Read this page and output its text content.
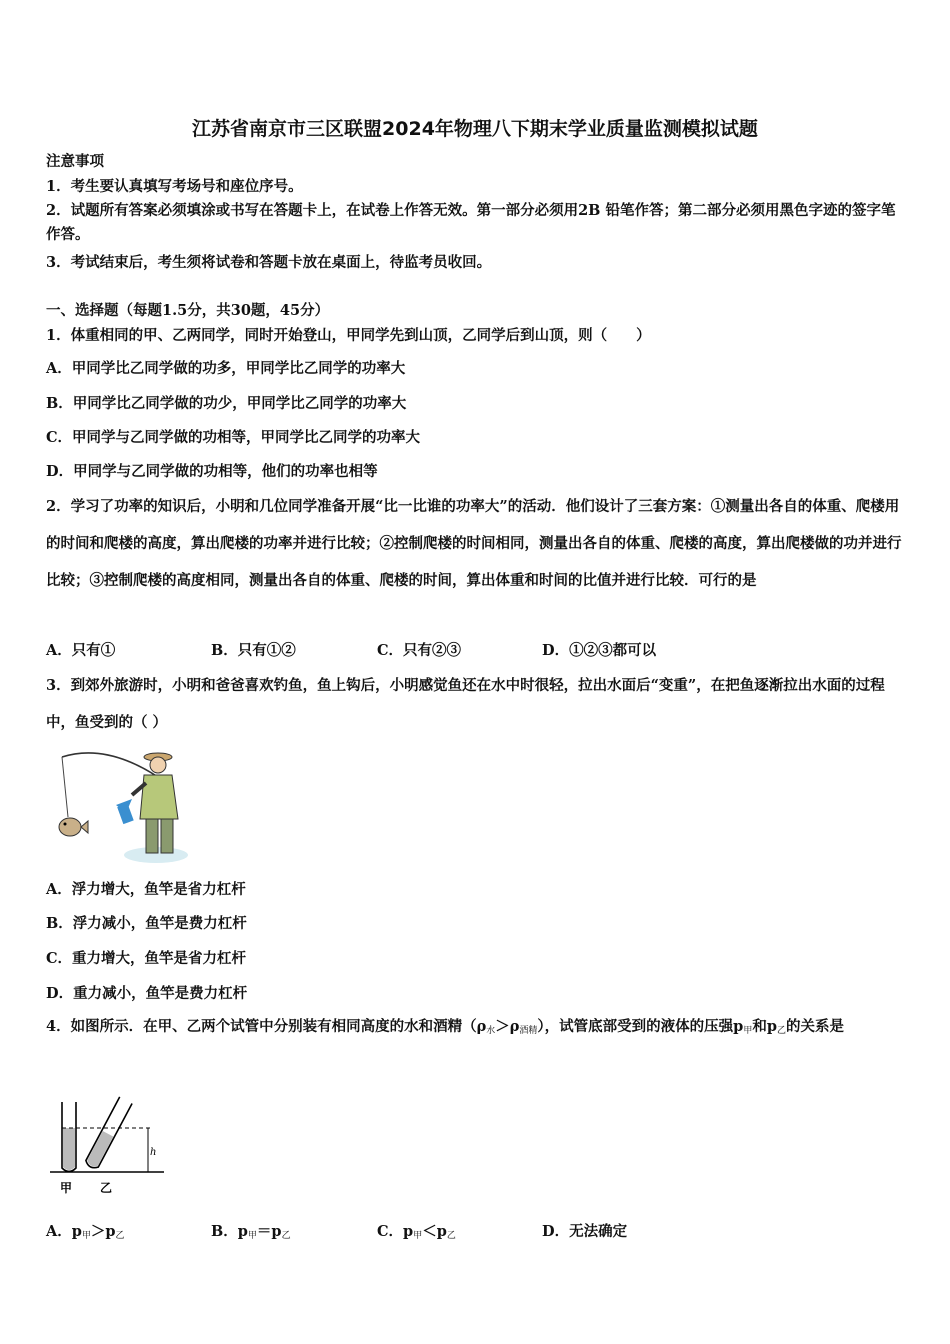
江苏省南京市三区联盟2024年物理八下期末学业质量监测模拟试题
注意事项
1．考生要认真填写考场号和座位序号。
2．试题所有答案必须填涂或书写在答题卡上，在试卷上作答无效。第一部分必须用2B 铅笔作答；第二部分必须用黑色字迹的签字笔作答。
3．考试结束后，考生须将试卷和答题卡放在桌面上，待监考员收回。
一、选择题（每题1.5分，共30题，45分）
1．体重相同的甲、乙两同学，同时开始登山，甲同学先到山顶，乙同学后到山顶，则（　　）
A．甲同学比乙同学做的功多，甲同学比乙同学的功率大
B．甲同学比乙同学做的功少，甲同学比乙同学的功率大
C．甲同学与乙同学做的功相等，甲同学比乙同学的功率大
D．甲同学与乙同学做的功相等，他们的功率也相等
2．学习了功率的知识后，小明和几位同学准备开展“比一比谁的功率大”的活动．他们设计了三套方案：①测量出各自的体重、爬楼用的时间和爬楼的高度，算出爬楼的功率并进行比较；②控制爬楼的时间相同，测量出各自的体重、爬楼的高度，算出爬楼做的功并进行比较；③控制爬楼的高度相同，测量出各自的体重、爬楼的时间，算出体重和时间的比值并进行比较．可行的是
A．只有①	B．只有①②	C．只有②③	D．①②③都可以
3．到郊外旅游时，小明和爸爸喜欢钓鱼，鱼上钩后，小明感觉鱼还在水中时很轻，拉出水面后“变重”，在把鱼逐渐拉出水面的过程中，鱼受到的（ ）
A．浮力增大，鱼竿是省力杠杆
B．浮力减小，鱼竿是费力杠杆
C．重力增大，鱼竿是省力杠杆
D．重力减小，鱼竿是费力杠杆
4．如图所示．在甲、乙两个试管中分别装有相同高度的水和酒精$(\rho_水>\rho_{酒精})$，试管底部受到的液体的压强$p_甲$和$p_乙$的关系是
h
甲 乙
A．$p_甲>p_乙$	B．$p_甲=p_乙$	C．$p_甲<p_乙$	D．无法确定
